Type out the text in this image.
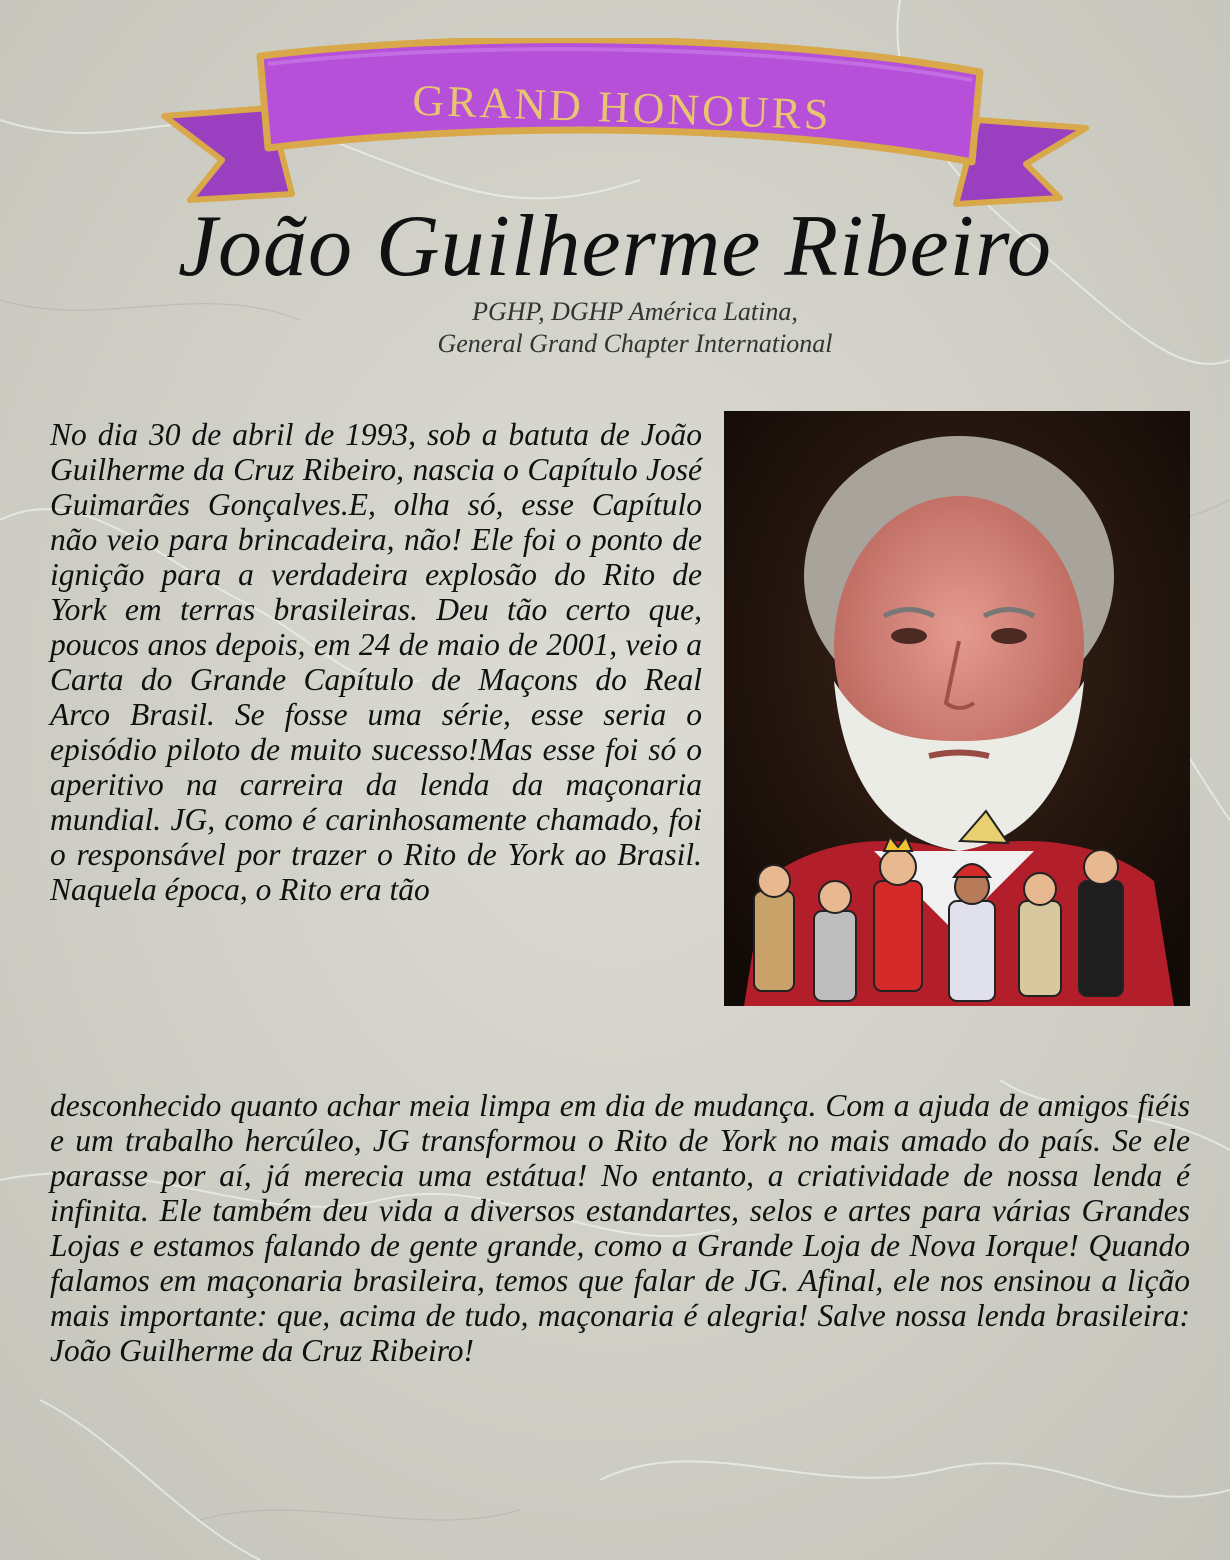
GRAND HONOURS
João Guilherme Ribeiro
PGHP, DGHP América Latina,
General Grand Chapter International
No dia 30 de abril de 1993, sob a batuta de João Guilherme da Cruz Ribeiro, nascia o Capítulo José Guimarães Gonçalves.E, olha só, esse Capítulo não veio para brincadeira, não! Ele foi o ponto de ignição para a verdadeira explosão do Rito de York em terras brasileiras. Deu tão certo que, poucos anos depois, em 24 de maio de 2001, veio a Carta do Grande Capítulo de Maçons do Real Arco Brasil. Se fosse uma série, esse seria o episódio piloto de muito sucesso!Mas esse foi só o aperitivo na carreira da lenda da maçonaria mundial. JG, como é carinhosamente chamado, foi o responsável por trazer o Rito de York ao Brasil. Naquela época, o Rito era tão
desconhecido quanto achar meia limpa em dia de mudança. Com a ajuda de amigos fiéis e um trabalho hercúleo, JG transformou o Rito de York no mais amado do país. Se ele parasse por aí, já merecia uma estátua! No entanto, a criatividade de nossa lenda é infinita. Ele também deu vida a diversos estandartes, selos e artes para várias Grandes Lojas e estamos falando de gente grande, como a Grande Loja de Nova Iorque! Quando falamos em maçonaria brasileira, temos que falar de JG. Afinal, ele nos ensinou a lição mais importante: que, acima de tudo, maçonaria é alegria! Salve nossa lenda brasileira: João Guilherme da Cruz Ribeiro!
